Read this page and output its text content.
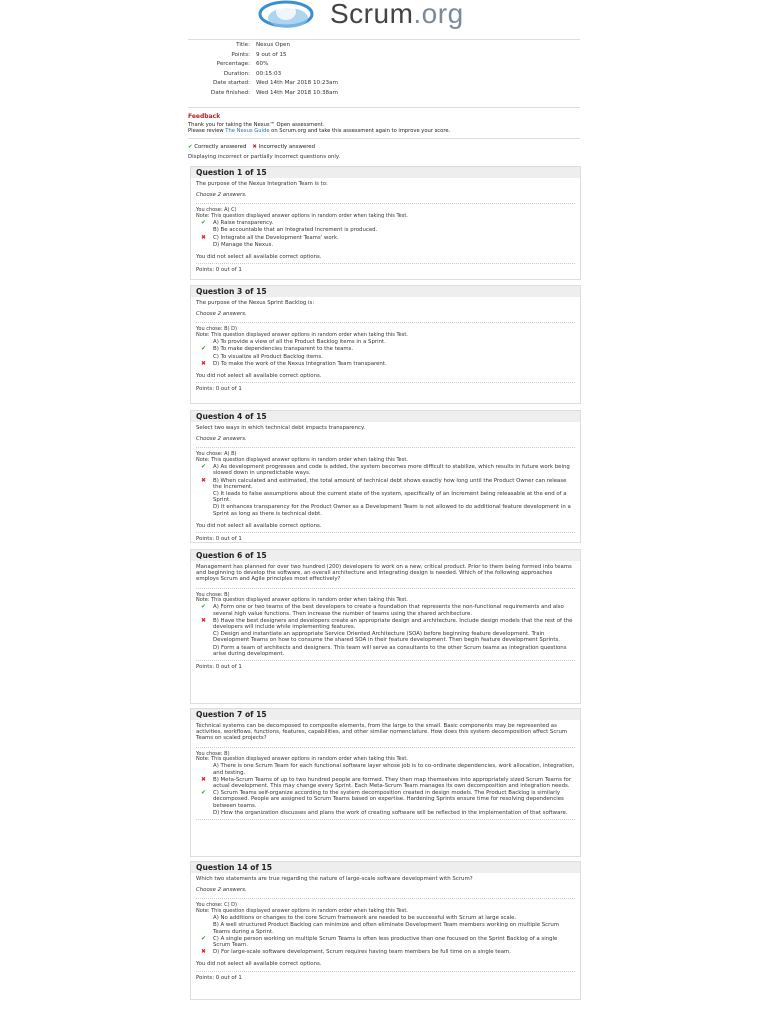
Scrum.org
Title:	Nexus Open
Points:	9 out of 15
Percentage:	60%
Duration:	00:15:03
Date started:	Wed 14th Mar 2018 10:23am
Date finished:	Wed 14th Mar 2018 10:38am
Feedback
Thank you for taking the Nexus™ Open assessment.
Please review The Nexus Guide on Scrum.org and take this assessment again to improve your score.
✔ Correctly answered ✖ Incorrectly answered
Displaying incorrect or partially incorrect questions only.
Question 1 of 15
The purpose of the Nexus Integration Team is to:
Choose 2 answers.
You chose: A) C)
Note: This question displayed answer options in random order when taking this Test.
✔	A) Raise transparency.
B) Be accountable that an Integrated Increment is produced.
✖	C) Integrate all the Development Teams' work.
D) Manage the Nexus.
You did not select all available correct options.
Points: 0 out of 1
Question 3 of 15
The purpose of the Nexus Sprint Backlog is:
Choose 2 answers.
You chose: B) D)
Note: This question displayed answer options in random order when taking this Test.
A) To provide a view of all the Product Backlog items in a Sprint.
✔	B) To make dependencies transparent to the teams.
C) To visualize all Product Backlog items.
✖	D) To make the work of the Nexus Integration Team transparent.
You did not select all available correct options.
Points: 0 out of 1
Question 4 of 15
Select two ways in which technical debt impacts transparency.
Choose 2 answers.
You chose: A) B)
Note: This question displayed answer options in random order when taking this Test.
✔	A) As development progresses and code is added, the system becomes more difficult to stabilize, which results in future work being slowed down in unpredictable ways.
✖	B) When calculated and estimated, the total amount of technical debt shows exactly how long until the Product Owner can release the Increment.
C) It leads to false assumptions about the current state of the system, specifically of an Increment being releasable at the end of a Sprint.
D) It enhances transparency for the Product Owner as a Development Team is not allowed to do additional feature development in a Sprint as long as there is technical debt.
You did not select all available correct options.
Points: 0 out of 1
Question 6 of 15
Management has planned for over two hundred (200) developers to work on a new, critical product. Prior to them being formed into teams and beginning to develop the software, an overall architecture and integrating design is needed. Which of the following approaches employs Scrum and Agile principles most effectively?
You chose: B)
Note: This question displayed answer options in random order when taking this Test.
✔	A) Form one or two teams of the best developers to create a foundation that represents the non-functional requirements and also several high value functions. Then increase the number of teams using the shared architecture.
✖	B) Have the best designers and developers create an appropriate design and architecture. Include design models that the rest of the developers will include while implementing features.
C) Design and instantiate an appropriate Service Oriented Architecture (SOA) before beginning feature development. Train Development Teams on how to consume the shared SOA in their feature development. Then begin feature development Sprints.
D) Form a team of architects and designers. This team will serve as consultants to the other Scrum teams as integration questions arise during development.
Points: 0 out of 1
Question 7 of 15
Technical systems can be decomposed to composite elements, from the large to the small. Basic components may be represented as activities, workflows, functions, features, capabilities, and other similar nomenclature. How does this system decomposition affect Scrum Teams on scaled projects?
You chose: B)
Note: This question displayed answer options in random order when taking this Test.
A) There is one Scrum Team for each functional software layer whose job is to co-ordinate dependencies, work allocation, integration, and testing.
✖	B) Meta-Scrum Teams of up to two hundred people are formed. They then map themselves into appropriately sized Scrum Teams for actual development. This may change every Sprint. Each Meta-Scrum Team manages its own decomposition and integration needs.
✔	C) Scrum Teams self-organize according to the system decomposition created in design models. The Product Backlog is similarly decomposed. People are assigned to Scrum Teams based on expertise. Hardening Sprints ensure time for resolving dependencies between teams.
D) How the organization discusses and plans the work of creating software will be reflected in the implementation of that software.
Question 14 of 15
Which two statements are true regarding the nature of large-scale software development with Scrum?
Choose 2 answers.
You chose: C) D)
Note: This question displayed answer options in random order when taking this Test.
A) No additions or changes to the core Scrum framework are needed to be successful with Scrum at large scale.
B) A well structured Product Backlog can minimize and often eliminate Development Team members working on multiple Scrum Teams during a Sprint.
✔	C) A single person working on multiple Scrum Teams is often less productive than one focused on the Sprint Backlog of a single Scrum Team.
✖	D) For large-scale software development, Scrum requires having team members be full time on a single team.
You did not select all available correct options.
Points: 0 out of 1
